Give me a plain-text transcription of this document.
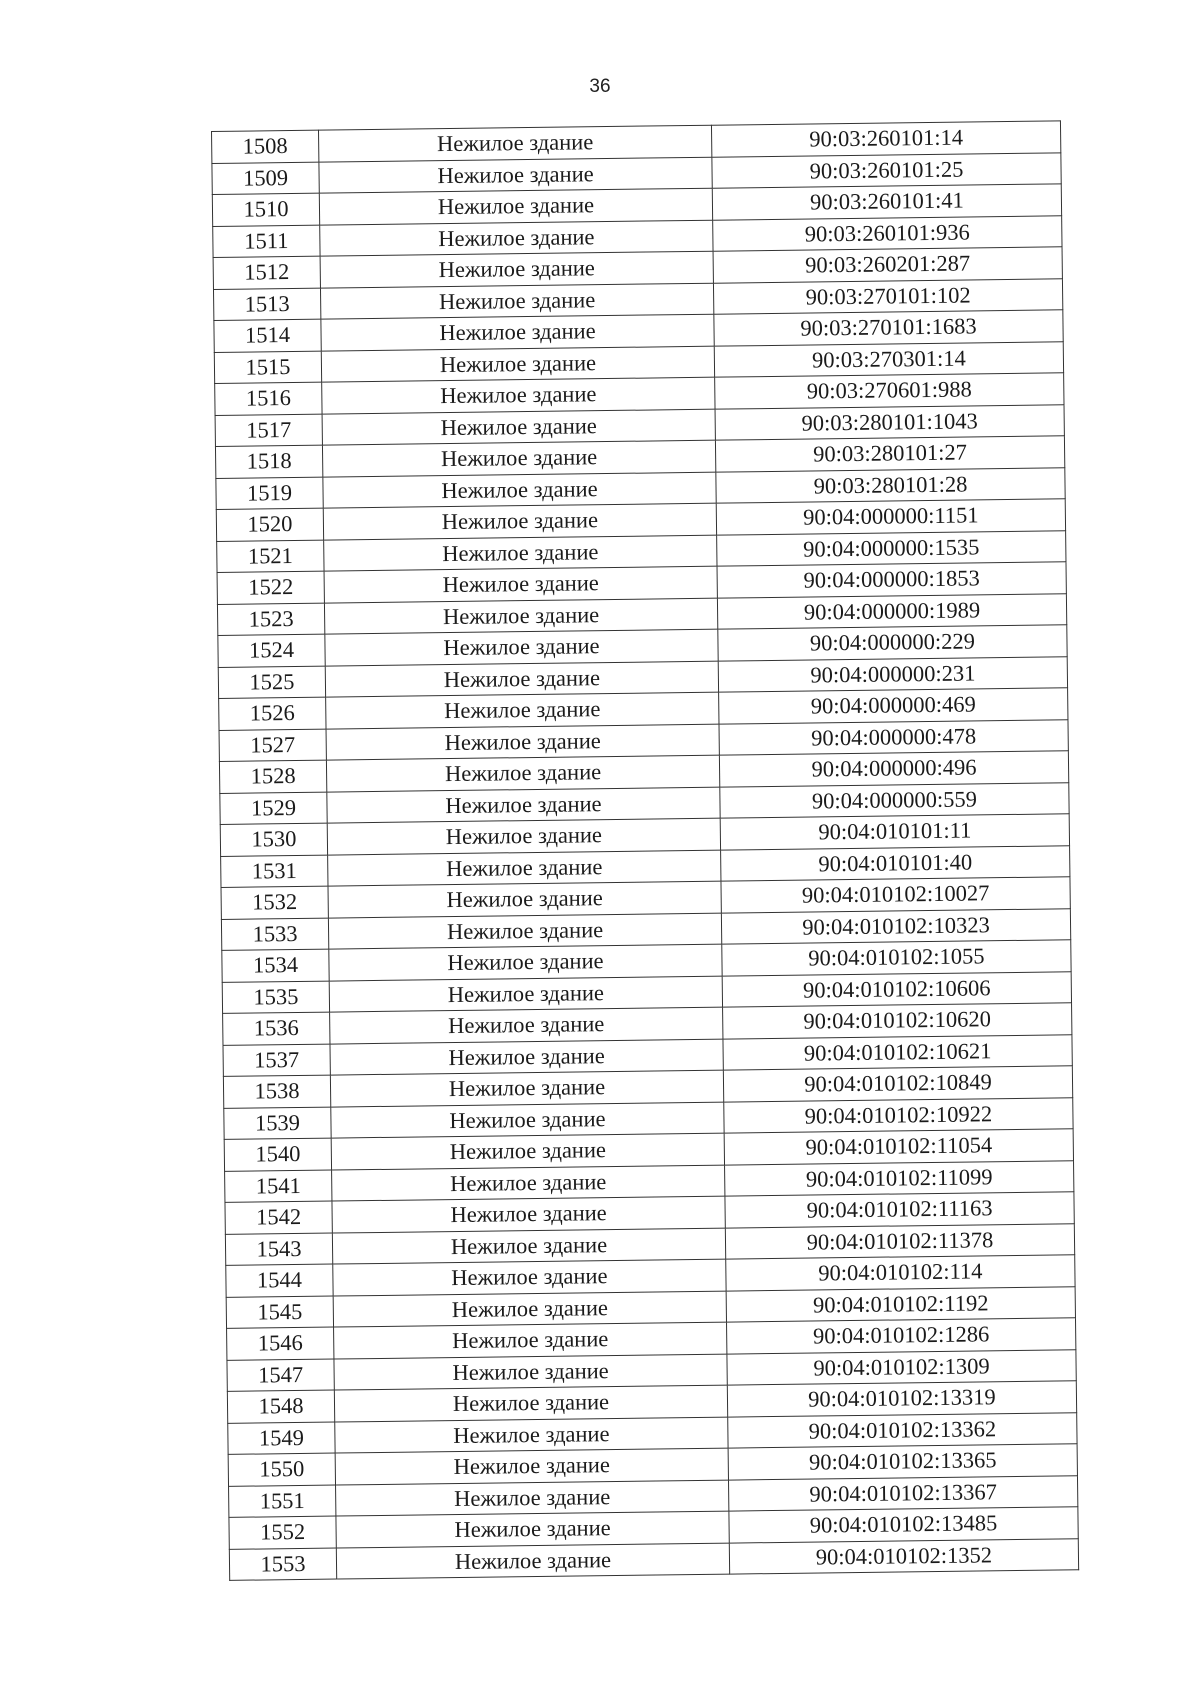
36
1508	Нежилое здание	90:03:260101:14
1509	Нежилое здание	90:03:260101:25
1510	Нежилое здание	90:03:260101:41
1511	Нежилое здание	90:03:260101:936
1512	Нежилое здание	90:03:260201:287
1513	Нежилое здание	90:03:270101:102
1514	Нежилое здание	90:03:270101:1683
1515	Нежилое здание	90:03:270301:14
1516	Нежилое здание	90:03:270601:988
1517	Нежилое здание	90:03:280101:1043
1518	Нежилое здание	90:03:280101:27
1519	Нежилое здание	90:03:280101:28
1520	Нежилое здание	90:04:000000:1151
1521	Нежилое здание	90:04:000000:1535
1522	Нежилое здание	90:04:000000:1853
1523	Нежилое здание	90:04:000000:1989
1524	Нежилое здание	90:04:000000:229
1525	Нежилое здание	90:04:000000:231
1526	Нежилое здание	90:04:000000:469
1527	Нежилое здание	90:04:000000:478
1528	Нежилое здание	90:04:000000:496
1529	Нежилое здание	90:04:000000:559
1530	Нежилое здание	90:04:010101:11
1531	Нежилое здание	90:04:010101:40
1532	Нежилое здание	90:04:010102:10027
1533	Нежилое здание	90:04:010102:10323
1534	Нежилое здание	90:04:010102:1055
1535	Нежилое здание	90:04:010102:10606
1536	Нежилое здание	90:04:010102:10620
1537	Нежилое здание	90:04:010102:10621
1538	Нежилое здание	90:04:010102:10849
1539	Нежилое здание	90:04:010102:10922
1540	Нежилое здание	90:04:010102:11054
1541	Нежилое здание	90:04:010102:11099
1542	Нежилое здание	90:04:010102:11163
1543	Нежилое здание	90:04:010102:11378
1544	Нежилое здание	90:04:010102:114
1545	Нежилое здание	90:04:010102:1192
1546	Нежилое здание	90:04:010102:1286
1547	Нежилое здание	90:04:010102:1309
1548	Нежилое здание	90:04:010102:13319
1549	Нежилое здание	90:04:010102:13362
1550	Нежилое здание	90:04:010102:13365
1551	Нежилое здание	90:04:010102:13367
1552	Нежилое здание	90:04:010102:13485
1553	Нежилое здание	90:04:010102:1352
